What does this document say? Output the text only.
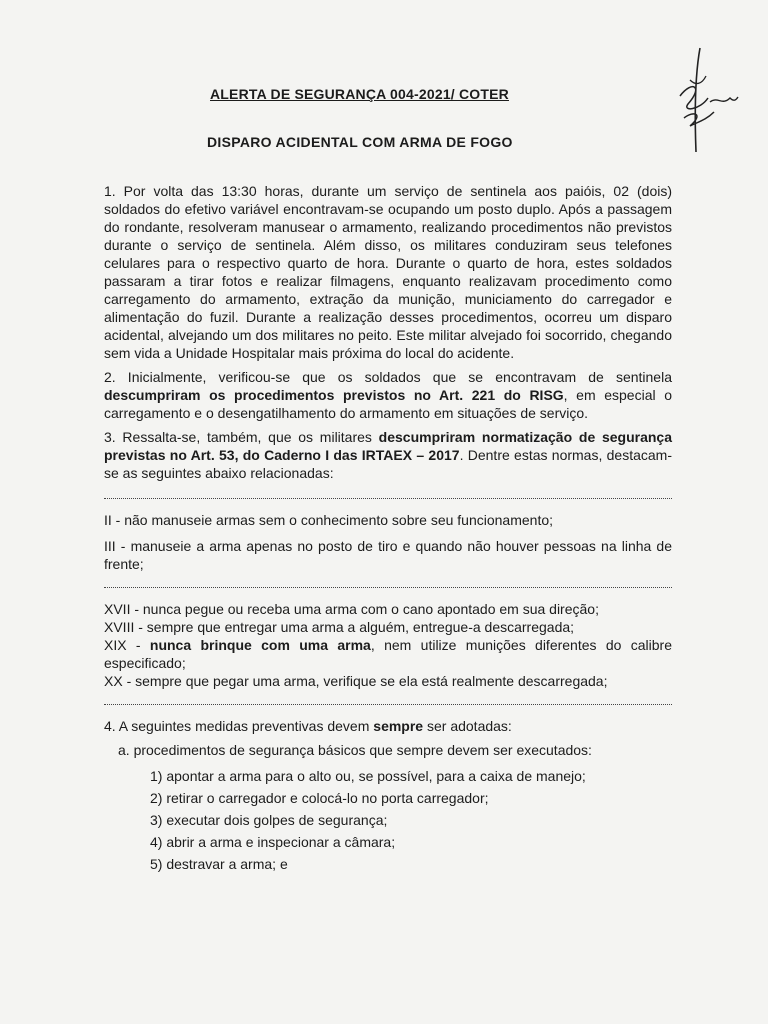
ALERTA DE SEGURANÇA 004-2021/ COTER
DISPARO ACIDENTAL COM ARMA DE FOGO

1. Por volta das 13:30 horas, durante um serviço de sentinela aos paióis, 02 (dois) soldados do efetivo variável encontravam-se ocupando um posto duplo. Após a passagem do rondante, resolveram manusear o armamento, realizando procedimentos não previstos durante o serviço de sentinela. Além disso, os militares conduziram seus telefones celulares para o respectivo quarto de hora. Durante o quarto de hora, estes soldados passaram a tirar fotos e realizar filmagens, enquanto realizavam procedimento como carregamento do armamento, extração da munição, municiamento do carregador e alimentação do fuzil. Durante a realização desses procedimentos, ocorreu um disparo acidental, alvejando um dos militares no peito. Este militar alvejado foi socorrido, chegando sem vida a Unidade Hospitalar mais próxima do local do acidente.

2. Inicialmente, verificou-se que os soldados que se encontravam de sentinela descumpriram os procedimentos previstos no Art. 221 do RISG, em especial o carregamento e o desengatilhamento do armamento em situações de serviço.

3. Ressalta-se, também, que os militares descumpriram normatização de segurança previstas no Art. 53, do Caderno I das IRTAEX – 2017. Dentre estas normas, destacam-se as seguintes abaixo relacionadas:

II - não manuseie armas sem o conhecimento sobre seu funcionamento;

III - manuseie a arma apenas no posto de tiro e quando não houver pessoas na linha de frente;

XVII - nunca pegue ou receba uma arma com o cano apontado em sua direção;

XVIII - sempre que entregar uma arma a alguém, entregue-a descarregada;

XIX - nunca brinque com uma arma, nem utilize munições diferentes do calibre especificado;

XX - sempre que pegar uma arma, verifique se ela está realmente descarregada;

4. A seguintes medidas preventivas devem sempre ser adotadas:

a. procedimentos de segurança básicos que sempre devem ser executados:

1) apontar a arma para o alto ou, se possível, para a caixa de manejo;
2) retirar o carregador e colocá-lo no porta carregador;
3) executar dois golpes de segurança;
4) abrir a arma e inspecionar a câmara;
5) destravar a arma; e
